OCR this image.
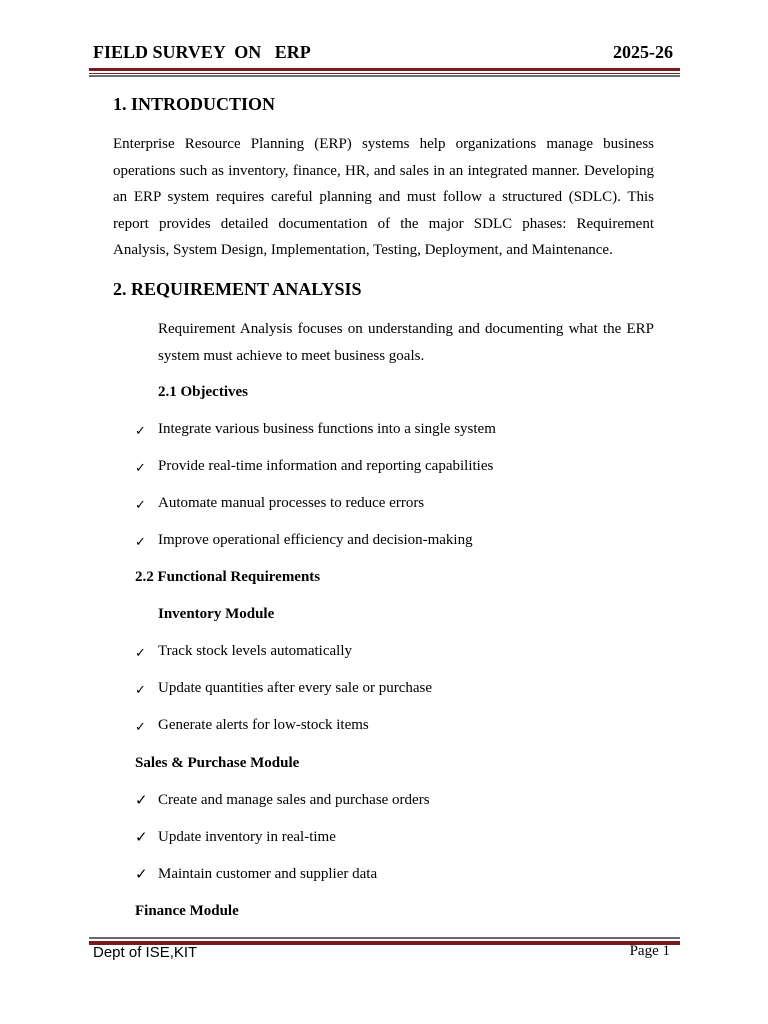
FIELD SURVEY  ON   ERP	2025-26
1. INTRODUCTION
Enterprise Resource Planning (ERP) systems help organizations manage business operations such as inventory, finance, HR, and sales in an integrated manner. Developing an ERP system requires careful planning and must follow a structured (SDLC). This report provides detailed documentation of the major SDLC phases: Requirement Analysis, System Design, Implementation, Testing, Deployment, and Maintenance.
2. REQUIREMENT ANALYSIS
Requirement Analysis focuses on understanding and documenting what the ERP system must achieve to meet business goals.
2.1 Objectives
✓ Integrate various business functions into a single system
✓ Provide real-time information and reporting capabilities
✓ Automate manual processes to reduce errors
✓ Improve operational efficiency and decision-making
2.2 Functional Requirements
Inventory Module
✓ Track stock levels automatically
✓ Update quantities after every sale or purchase
✓ Generate alerts for low-stock items
Sales & Purchase Module
✓ Create and manage sales and purchase orders
✓ Update inventory in real-time
✓ Maintain customer and supplier data
Finance Module
Dept of ISE,KIT	Page 1
